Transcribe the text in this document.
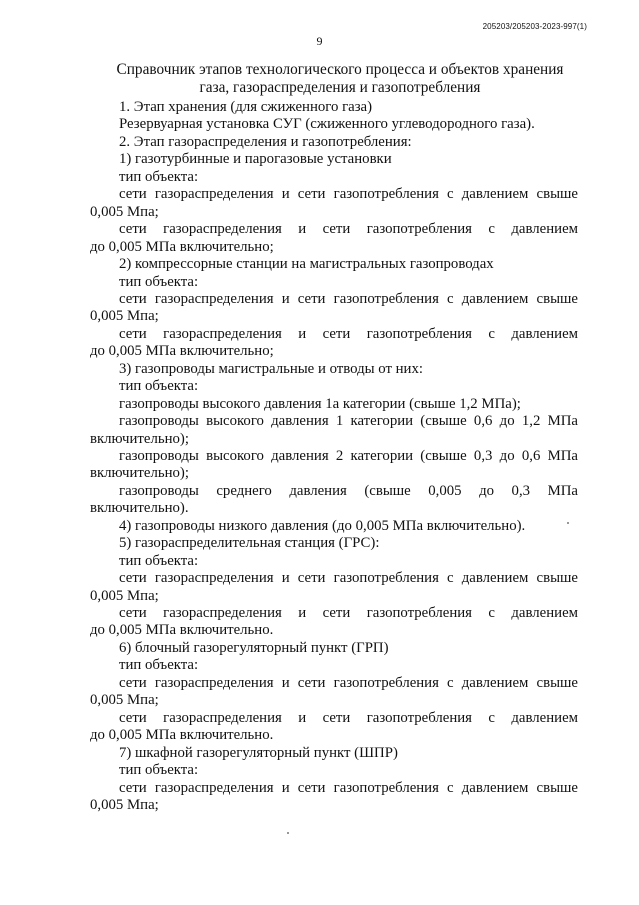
205203/205203-2023-997(1)
9
Справочник этапов технологического процесса и объектов хранения
газа, газораспределения и газопотребления
1. Этап хранения (для сжиженного газа)
Резервуарная установка СУГ (сжиженного углеводородного газа).
2. Этап газораспределения и газопотребления:
1) газотурбинные и парогазовые установки
тип объекта:
сети газораспределения и сети газопотребления с давлением свыше
0,005 Мпа;
сети газораспределения и сети газопотребления с давлением
до 0,005 МПа включительно;
2) компрессорные станции на магистральных газопроводах
тип объекта:
сети газораспределения и сети газопотребления с давлением свыше
0,005 Мпа;
сети газораспределения и сети газопотребления с давлением
до 0,005 МПа включительно;
3) газопроводы магистральные и отводы от них:
тип объекта:
газопроводы высокого давления 1а категории (свыше 1,2 МПа);
газопроводы высокого давления 1 категории (свыше 0,6 до 1,2 МПа
включительно);
газопроводы высокого давления 2 категории (свыше 0,3 до 0,6 МПа
включительно);
газопроводы среднего давления (свыше 0,005 до 0,3 МПа
включительно).
4) газопроводы низкого давления (до 0,005 МПа включительно).
5) газораспределительная станция (ГРС):
тип объекта:
сети газораспределения и сети газопотребления с давлением свыше
0,005 Мпа;
сети газораспределения и сети газопотребления с давлением
до 0,005 МПа включительно.
6) блочный газорегуляторный пункт (ГРП)
тип объекта:
сети газораспределения и сети газопотребления с давлением свыше
0,005 Мпа;
сети газораспределения и сети газопотребления с давлением
до 0,005 МПа включительно.
7) шкафной газорегуляторный пункт (ШПР)
тип объекта:
сети газораспределения и сети газопотребления с давлением свыше
0,005 Мпа;
